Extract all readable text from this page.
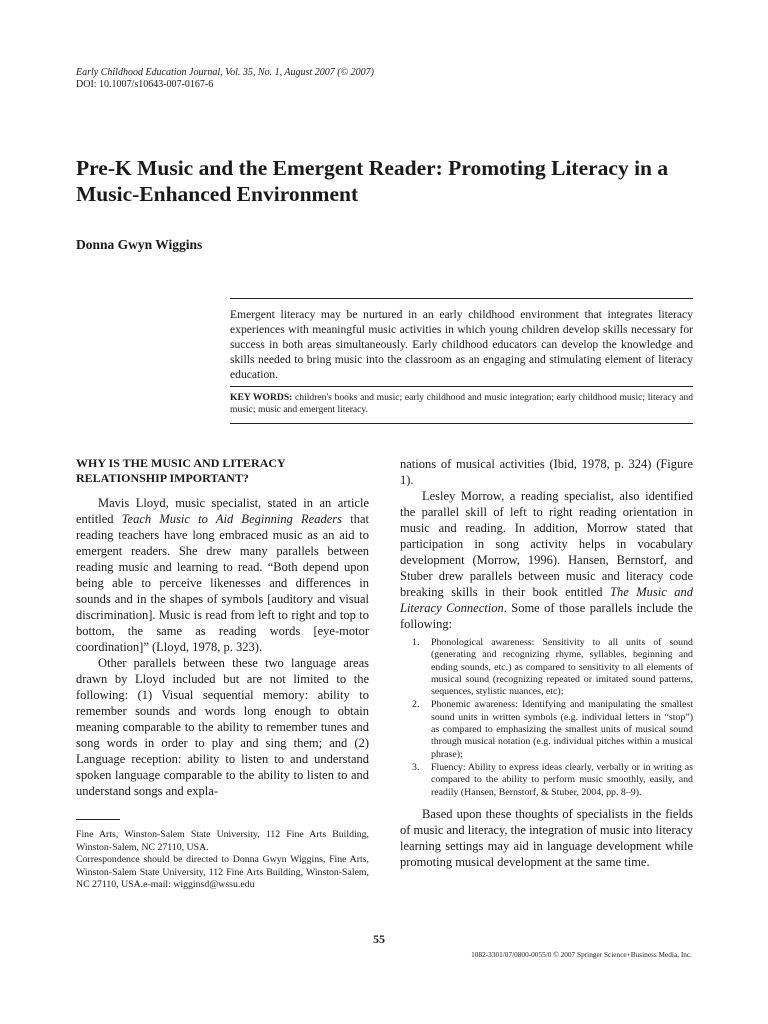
Early Childhood Education Journal, Vol. 35, No. 1, August 2007 (© 2007)
DOI: 10.1007/s10643-007-0167-6
Pre-K Music and the Emergent Reader: Promoting Literacy in a Music-Enhanced Environment
Donna Gwyn Wiggins

Emergent literacy may be nurtured in an early childhood environment that integrates literacy experiences with meaningful music activities in which young children develop skills necessary for success in both areas simultaneously. Early childhood educators can develop the knowledge and skills needed to bring music into the classroom as an engaging and stimulating element of literacy education.

KEY WORDS: children's books and music; early childhood and music integration; early childhood music; literacy and music; music and emergent literacy.

WHY IS THE MUSIC AND LITERACY RELATIONSHIP IMPORTANT?

Mavis Lloyd, music specialist, stated in an article entitled Teach Music to Aid Beginning Readers that reading teachers have long embraced music as an aid to emergent readers. She drew many parallels between reading music and learning to read. “Both depend upon being able to perceive likenesses and differences in sounds and in the shapes of symbols [auditory and visual discrimination]. Music is read from left to right and top to bottom, the same as reading words [eye-motor coordination]” (Lloyd, 1978, p. 323).

Other parallels between these two language areas drawn by Lloyd included but are not limited to the following: (1) Visual sequential memory: ability to remember sounds and words long enough to obtain meaning comparable to the ability to remember tunes and song words in order to play and sing them; and (2) Language reception: ability to listen to and understand spoken language comparable to the ability to listen to and understand songs and expla-

nations of musical activities (Ibid, 1978, p. 324) (Figure 1).

Lesley Morrow, a reading specialist, also identified the parallel skill of left to right reading orientation in music and reading. In addition, Morrow stated that participation in song activity helps in vocabulary development (Morrow, 1996). Hansen, Bernstorf, and Stuber drew parallels between music and literacy code breaking skills in their book entitled The Music and Literacy Connection. Some of those parallels include the following:

1. Phonological awareness: Sensitivity to all units of sound (generating and recognizing rhyme, syllables, beginning and ending sounds, etc.) as compared to sensitivity to all elements of musical sound (recognizing repeated or imitated sound patterns, sequences, stylistic nuances, etc);
2. Phonemic awareness: Identifying and manipulating the smallest sound units in written symbols (e.g. individual letters in “stop”) as compared to emphasizing the smallest units of musical sound through musical notation (e.g. individual pitches within a musical phrase);
3. Fluency: Ability to express ideas clearly, verbally or in writing as compared to the ability to perform music smoothly, easily, and readily (Hansen, Bernstorf, & Stuber, 2004, pp. 8–9).

Based upon these thoughts of specialists in the fields of music and literacy, the integration of music into literacy learning settings may aid in language development while promoting musical development at the same time.

Fine Arts, Winston-Salem State University, 112 Fine Arts Building, Winston-Salem, NC 27110, USA.

Correspondence should be directed to Donna Gwyn Wiggins, Fine Arts, Winston-Salem State University, 112 Fine Arts Building, Winston-Salem, NC 27110, USA.e-mail: wigginsd@wssu.edu

55
1082-3301/07/0800-0055/0 © 2007 Springer Science+Business Media, Inc.
